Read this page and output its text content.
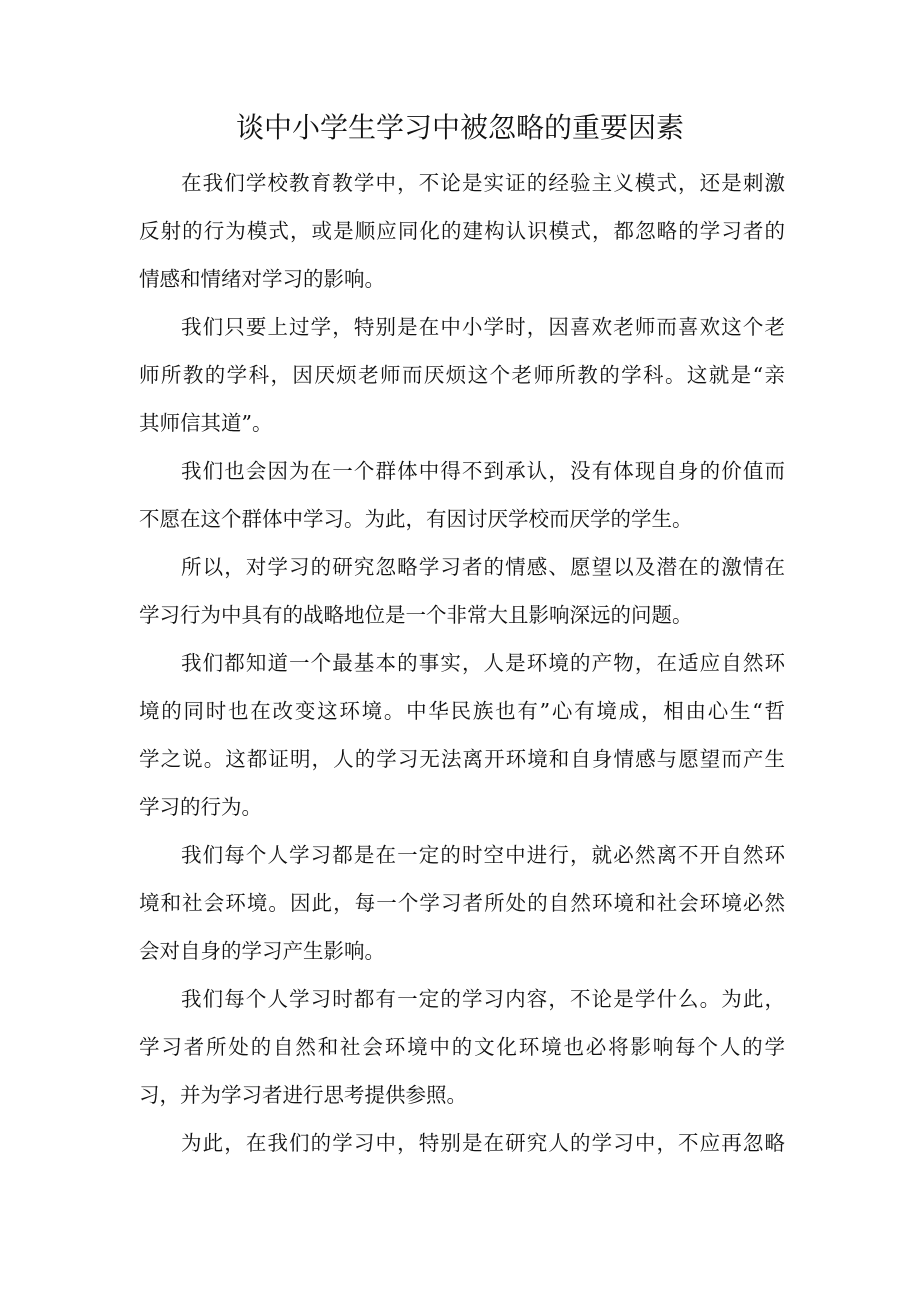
谈中小学生学习中被忽略的重要因素
在我们学校教育教学中，不论是实证的经验主义模式，还是刺激
反射的行为模式，或是顺应同化的建构认识模式，都忽略的学习者的
情感和情绪对学习的影响。
我们只要上过学，特别是在中小学时，因喜欢老师而喜欢这个老
师所教的学科，因厌烦老师而厌烦这个老师所教的学科。这就是“亲
其师信其道”。
我们也会因为在一个群体中得不到承认，没有体现自身的价值而
不愿在这个群体中学习。为此，有因讨厌学校而厌学的学生。
所以，对学习的研究忽略学习者的情感、愿望以及潜在的激情在
学习行为中具有的战略地位是一个非常大且影响深远的问题。
我们都知道一个最基本的事实，人是环境的产物，在适应自然环
境的同时也在改变这环境。中华民族也有”心有境成，相由心生“哲
学之说。这都证明，人的学习无法离开环境和自身情感与愿望而产生
学习的行为。
我们每个人学习都是在一定的时空中进行，就必然离不开自然环
境和社会环境。因此，每一个学习者所处的自然环境和社会环境必然
会对自身的学习产生影响。
我们每个人学习时都有一定的学习内容，不论是学什么。为此，
学习者所处的自然和社会环境中的文化环境也必将影响每个人的学
习，并为学习者进行思考提供参照。
为此，在我们的学习中，特别是在研究人的学习中，不应再忽略
